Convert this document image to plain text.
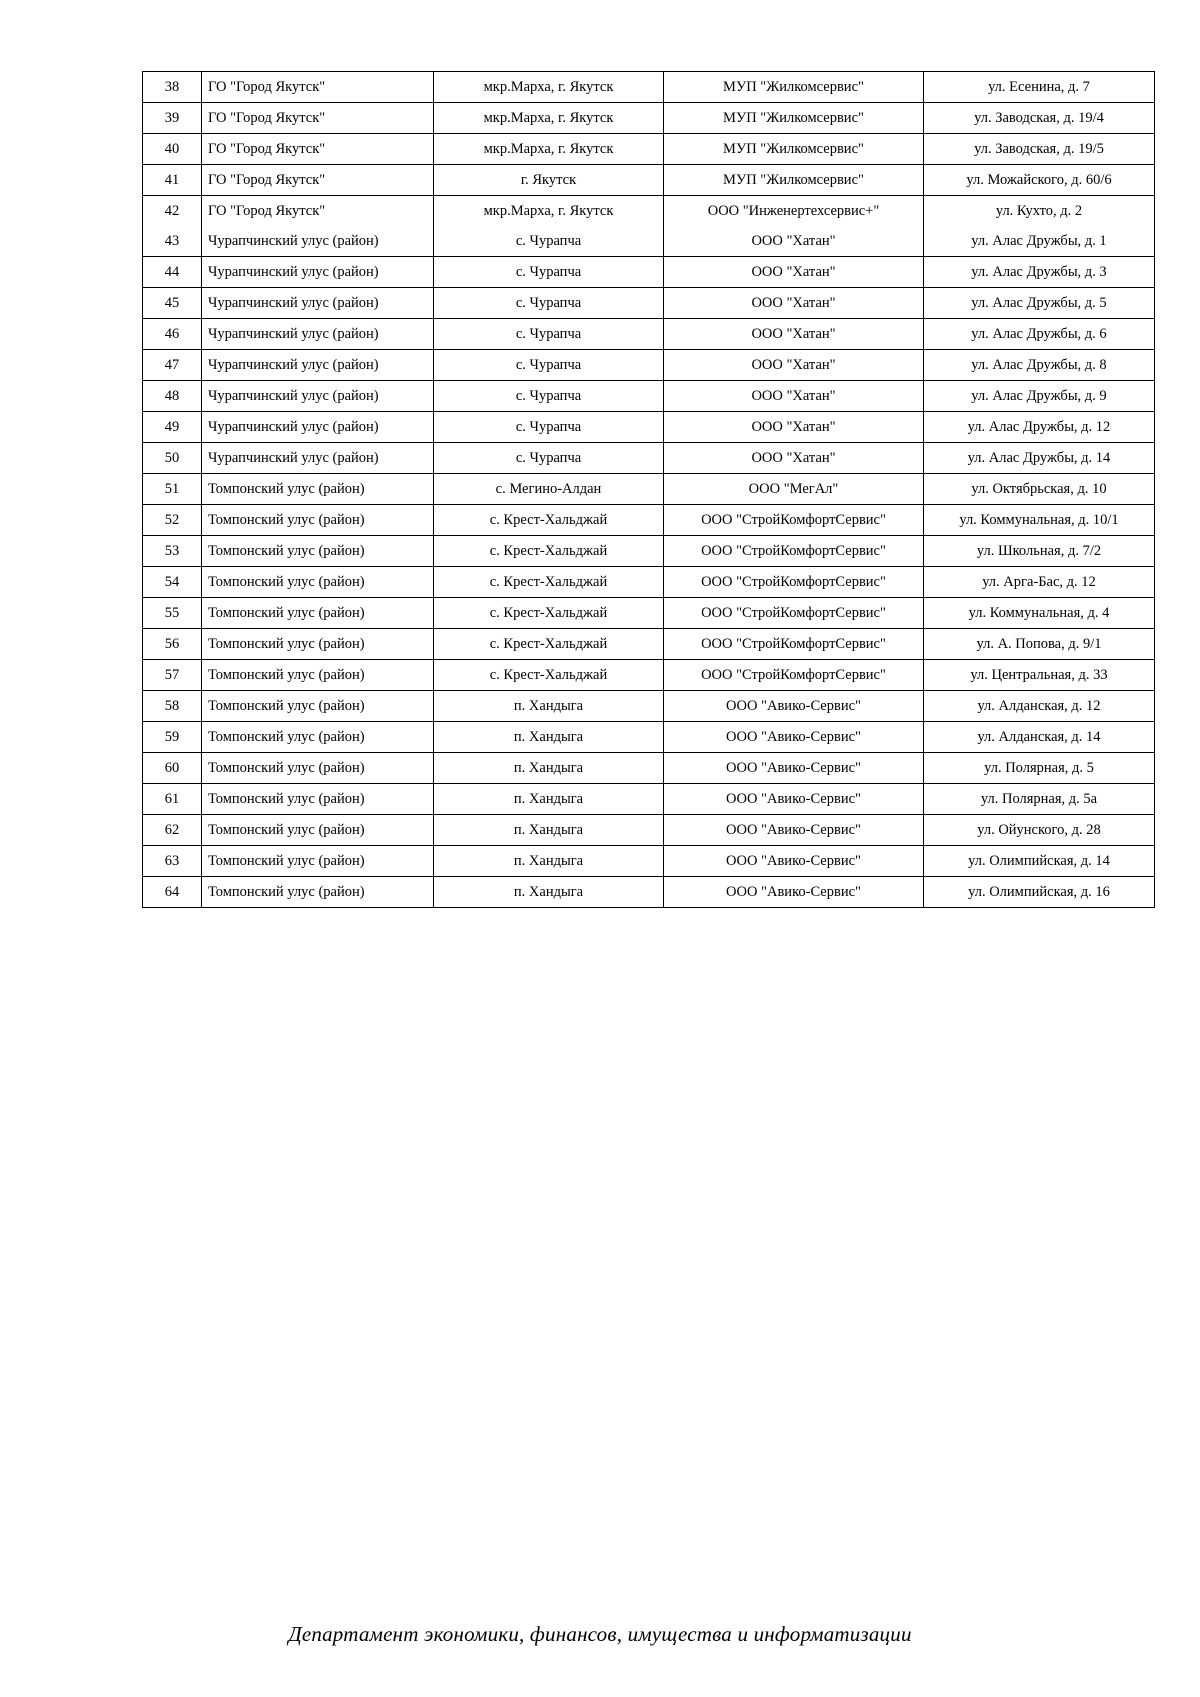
38	ГО "Город Якутск"	мкр.Марха, г. Якутск	МУП "Жилкомсервис"	ул. Есенина, д. 7
39	ГО "Город Якутск"	мкр.Марха, г. Якутск	МУП "Жилкомсервис"	ул. Заводская, д. 19/4
40	ГО "Город Якутск"	мкр.Марха, г. Якутск	МУП "Жилкомсервис"	ул. Заводская, д. 19/5
41	ГО "Город Якутск"	г. Якутск	МУП "Жилкомсервис"	ул. Можайского, д. 60/6
42	ГО "Город Якутск"	мкр.Марха, г. Якутск	ООО "Инженертехсервис+"	ул. Кухто, д. 2
43	Чурапчинский улус (район)	с. Чурапча	ООО "Хатан"	ул. Алас Дружбы, д. 1
44	Чурапчинский улус (район)	с. Чурапча	ООО "Хатан"	ул. Алас Дружбы, д. 3
45	Чурапчинский улус (район)	с. Чурапча	ООО "Хатан"	ул. Алас Дружбы, д. 5
46	Чурапчинский улус (район)	с. Чурапча	ООО "Хатан"	ул. Алас Дружбы, д. 6
47	Чурапчинский улус (район)	с. Чурапча	ООО "Хатан"	ул. Алас Дружбы, д. 8
48	Чурапчинский улус (район)	с. Чурапча	ООО "Хатан"	ул. Алас Дружбы, д. 9
49	Чурапчинский улус (район)	с. Чурапча	ООО "Хатан"	ул. Алас Дружбы, д. 12
50	Чурапчинский улус (район)	с. Чурапча	ООО "Хатан"	ул. Алас Дружбы, д. 14
51	Томпонский улус (район)	с. Мегино-Алдан	ООО "МегАл"	ул. Октябрьская, д. 10
52	Томпонский улус (район)	с. Крест-Хальджай	ООО "СтройКомфортСервис"	ул. Коммунальная, д. 10/1
53	Томпонский улус (район)	с. Крест-Хальджай	ООО "СтройКомфортСервис"	ул. Школьная, д. 7/2
54	Томпонский улус (район)	с. Крест-Хальджай	ООО "СтройКомфортСервис"	ул. Арга-Бас, д. 12
55	Томпонский улус (район)	с. Крест-Хальджай	ООО "СтройКомфортСервис"	ул. Коммунальная, д. 4
56	Томпонский улус (район)	с. Крест-Хальджай	ООО "СтройКомфортСервис"	ул. А. Попова, д. 9/1
57	Томпонский улус (район)	с. Крест-Хальджай	ООО "СтройКомфортСервис"	ул. Центральная, д. 33
58	Томпонский улус (район)	п. Хандыга	ООО "Авико-Сервис"	ул. Алданская, д. 12
59	Томпонский улус (район)	п. Хандыга	ООО "Авико-Сервис"	ул. Алданская, д. 14
60	Томпонский улус (район)	п. Хандыга	ООО "Авико-Сервис"	ул. Полярная, д. 5
61	Томпонский улус (район)	п. Хандыга	ООО "Авико-Сервис"	ул. Полярная, д. 5а
62	Томпонский улус (район)	п. Хандыга	ООО "Авико-Сервис"	ул. Ойунского, д. 28
63	Томпонский улус (район)	п. Хандыга	ООО "Авико-Сервис"	ул. Олимпийская, д. 14
64	Томпонский улус (район)	п. Хандыга	ООО "Авико-Сервис"	ул. Олимпийская, д. 16
Департамент экономики, финансов, имущества и информатизации
